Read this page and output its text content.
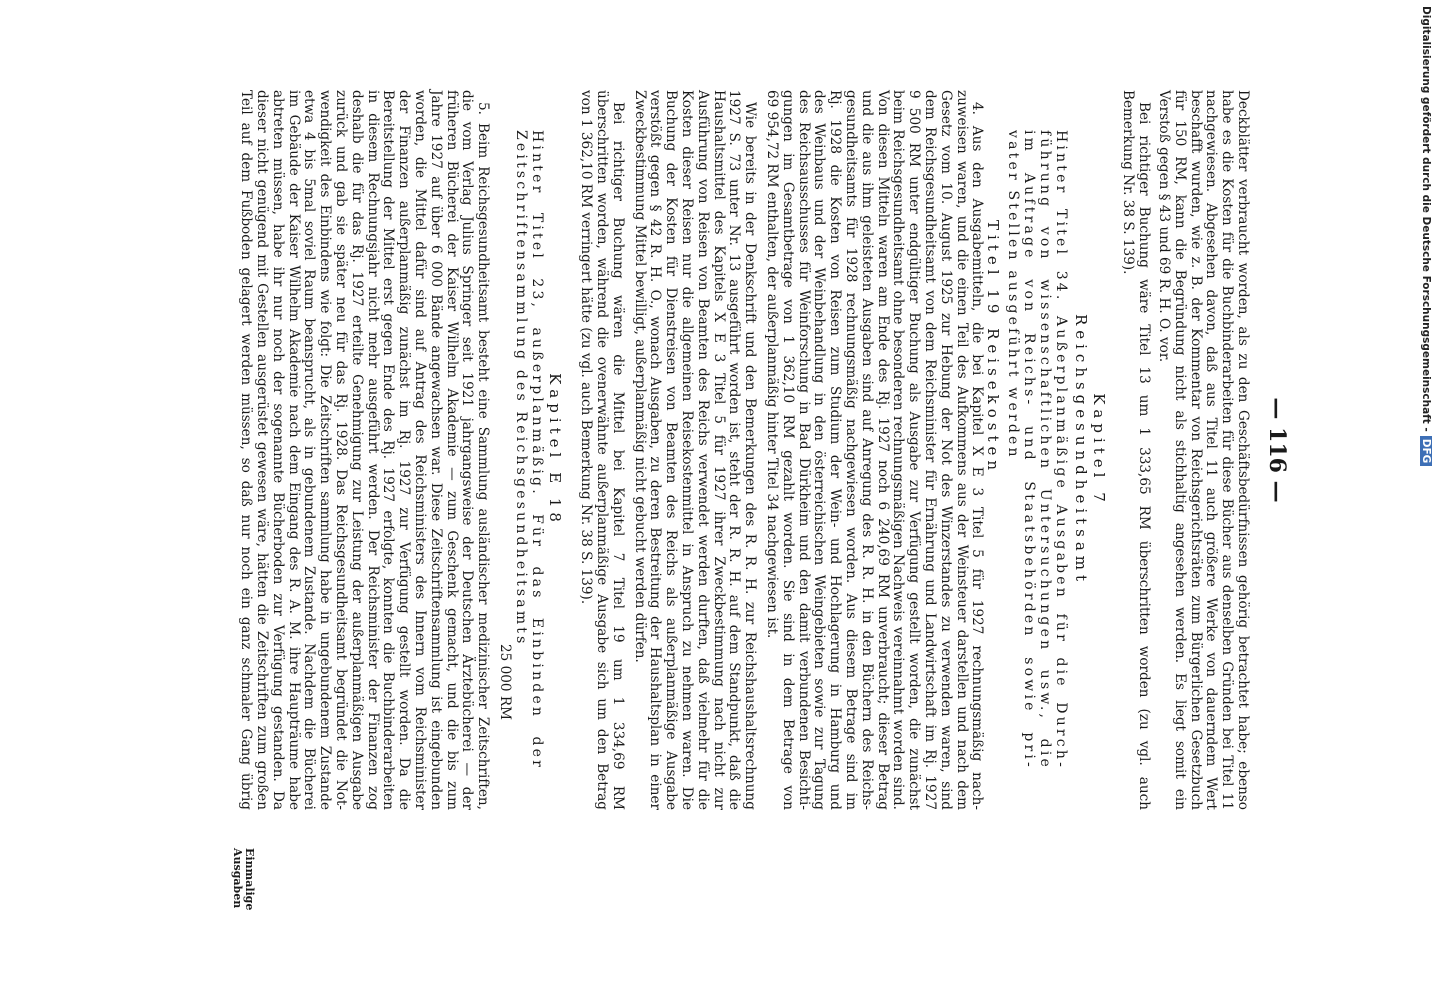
— 116 —
Deckblätter verbraucht worden, als zu den Geschäftsbedürfnissen gehörig betrachtet habe; ebenso
habe es die Kosten für die Buchbinderarbeiten für diese Bücher aus denselben Gründen bei Titel 11
nachgewiesen. Abgesehen davon, daß aus Titel 11 auch größere Werke von dauerndem Wert
beschafft wurden, wie z. B. der Kommentar von Reichsgerichtsräten zum Bürgerlichen Gesetzbuch
für 150 RM, kann die Begründung nicht als stichhaltig angesehen werden. Es liegt somit ein
Verstoß gegen § 43 und 69 R. H. O. vor.
Bei richtiger Buchung wäre Titel 13 um 1 333,65 RM überschritten worden (zu vgl. auch
Bemerkung Nr. 38 S. 139).
Kapitel 7
Reichsgesundheitsamt
Hinter Titel 34. Außerplanmäßige Ausgaben für die Durch-
führung von wissenschaftlichen Untersuchungen usw., die
im Auftrage von Reichs- und Staatsbehörden sowie pri-
vater Stellen ausgeführt werden
Titel 19 Reisekosten
4. Aus den Ausgabemitteln, die bei Kapitel X E 3 Titel 5 für 1927 rechnungsmäßig nach-
zuweisen waren, und die einen Teil des Aufkommens aus der Weinsteuer darstellen und nach dem
Gesetz vom 10. August 1925 zur Hebung der Not des Winzerstandes zu verwenden waren, sind
dem Reichsgesundheitsamt von dem Reichsminister für Ernährung und Landwirtschaft im Rj. 1927
9 500 RM unter endgültiger Buchung als Ausgabe zur Verfügung gestellt worden, die zunächst
beim Reichsgesundheitsamt ohne besonderen rechnungsmäßigen Nachweis vereinnahmt worden sind.
Von diesen Mitteln waren am Ende des Rj. 1927 noch 6 240,69 RM unverbraucht; dieser Betrag
und die aus ihm geleisteten Ausgaben sind auf Anregung des R. R. H. in den Büchern des Reichs-
gesundheitsamts für 1928 rechnungsmäßig nachgewiesen worden. Aus diesem Betrage sind im
Rj. 1928 die Kosten von Reisen zum Studium der Wein- und Hochlagerung in Hamburg und
des Weinbaus und der Weinbehandlung in den österreichischen Weingebieten sowie zur Tagung
des Reichsausschusses für Weinforschung in Bad Dürkheim und den damit verbundenen Besichti-
gungen im Gesamtbetrage von 1 362,10 RM gezahlt worden. Sie sind in dem Betrage von
69 954,72 RM enthalten, der außerplanmäßig hinter Titel 34 nachgewiesen ist.
Wie bereits in der Denkschrift und den Bemerkungen des R. R. H. zur Reichshaushaltsrechnung
1927 S. 73 unter Nr. 13 ausgeführt worden ist, steht der R. R. H. auf dem Standpunkt, daß die
Haushaltsmittel des Kapitels X E 3 Titel 5 für 1927 ihrer Zweckbestimmung nach nicht zur
Ausführung von Reisen von Beamten des Reichs verwendet werden durften, daß vielmehr für die
Kosten dieser Reisen nur die allgemeinen Reisekostenmittel in Anspruch zu nehmen waren. Die
Buchung der Kosten für Dienstreisen von Beamten des Reichs als außerplanmäßige Ausgabe
verstößt gegen § 42 R. H. O., wonach Ausgaben, zu deren Bestreitung der Haushaltsplan in einer
Zweckbestimmung Mittel bewilligt, außerplanmäßig nicht gebucht werden dürfen.
Bei richtiger Buchung wären die Mittel bei Kapitel 7 Titel 19 um 1 334,69 RM
überschritten worden, während die ovenerwähnte außerplanmäßige Ausgabe sich um den Betrag
von 1 362,10 RM verringert hätte (zu vgl. auch Bemerkung Nr. 38 S. 139).
Kapitel E 18
Hinter Titel 23, außerplanmäßig. Für das Einbinden der
Zeitschriftensammlung des Reichsgesundheitsamts
25 000 RM
5. Beim Reichsgesundheitsamt besteht eine Sammlung ausländischer medizinischer Zeitschriften,
die vom Verlag Julius Springer seit 1921 jahrgangsweise der Deutschen Ärztebücherei — der
früheren Bücherei der Kaiser Wilhelm Akademie — zum Geschenk gemacht, und die bis zum
Jahre 1927 auf über 6 000 Bände angewachsen war. Diese Zeitschriftensammlung ist eingebunden
worden, die Mittel dafür sind auf Antrag des Reichsministers des Innern vom Reichsminister
der Finanzen außerplanmäßig zunächst im Rj. 1927 zur Verfügung gestellt worden. Da die
Bereitstellung der Mittel erst gegen Ende des Rj. 1927 erfolgte, konnten die Buchbinderarbeiten
in diesem Rechnungsjahr nicht mehr ausgeführt werden. Der Reichsminister der Finanzen zog
deshalb die für das Rj. 1927 erteilte Genehmigung zur Leistung der außerplanmäßigen Ausgabe
zurück und gab sie später neu für das Rj. 1928. Das Reichsgesundheitsamt begründet die Not-
wendigkeit des Einbindens wie folgt: Die Zeitschriften sammlung habe in ungebundenem Zustande
etwa 4 bis 5mal soviel Raum beansprucht, als in gebundenem Zustande. Nachdem die Bücherei
im Gebäude der Kaiser Wilhelm Akademie nach dem Eingang des R. A. M. ihre Haupträume habe
abtreten müssen, habe ihr nur noch der sogenannte Bücherboden zur Verfügung gestanden. Da
dieser nicht genügend mit Gestellen ausgerüstet gewesen wäre, hätten die Zeitschriften zum großen
Teil auf dem Fußboden gelagert werden müssen, so daß nur noch ein ganz schmaler Gang übrig
Einmalige
Ausgaben
Digitalisierung gefördert durch die Deutsche Forschungsgemeinschaft -DFG
